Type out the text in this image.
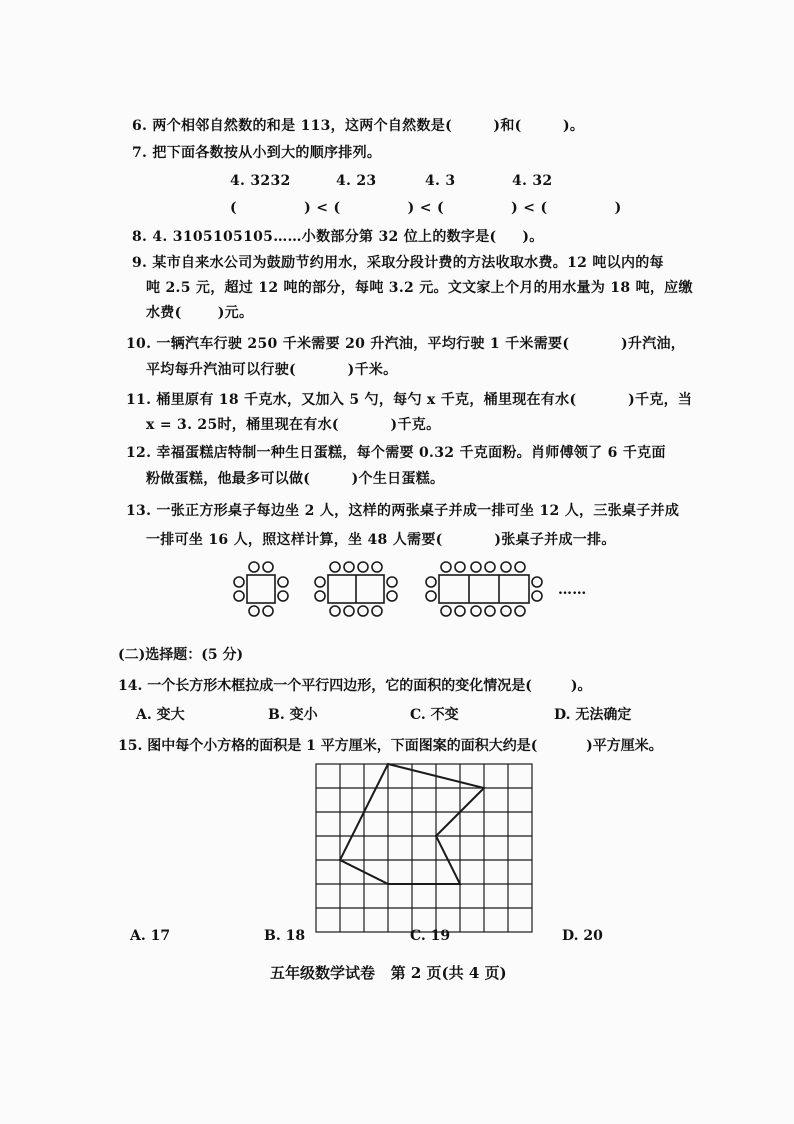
6. 两个相邻自然数的和是 113，这两个自然数是(        )和(        )。
7. 把下面各数按从小到大的顺序排列。
4. 3232	4. 23	4. 3	4. 32
(             ) < (             ) < (             ) < (             )
8. 4. 3105105105……小数部分第 32 位上的数字是(     )。
9. 某市自来水公司为鼓励节约用水，采取分段计费的方法收取水费。12 吨以内的每
吨 2.5 元，超过 12 吨的部分，每吨 3.2 元。文文家上个月的用水量为 18 吨，应缴
水费(       )元。
10. 一辆汽车行驶 250 千米需要 20 升汽油，平均行驶 1 千米需要(          )升汽油，
平均每升汽油可以行驶(          )千米。
11. 桶里原有 18 千克水，又加入 5 勺，每勺 x 千克，桶里现在有水(          )千克，当
x = 3. 25时，桶里现在有水(          )千克。
12. 幸福蛋糕店特制一种生日蛋糕，每个需要 0.32 千克面粉。肖师傅领了 6 千克面
粉做蛋糕，他最多可以做(        )个生日蛋糕。
13. 一张正方形桌子每边坐 2 人，这样的两张桌子并成一排可坐 12 人，三张桌子并成
一排可坐 16 人，照这样计算，坐 48 人需要(          )张桌子并成一排。
……
(二)选择题：(5 分)
14. 一个长方形木框拉成一个平行四边形，它的面积的变化情况是(        )。
A. 变大	B. 变小	C. 不变	D. 无法确定
15. 图中每个小方格的面积是 1 平方厘米，下面图案的面积大约是(          )平方厘米。
A. 17	B. 18	C. 19	D. 20
五年级数学试卷   第 2 页(共 4 页)
